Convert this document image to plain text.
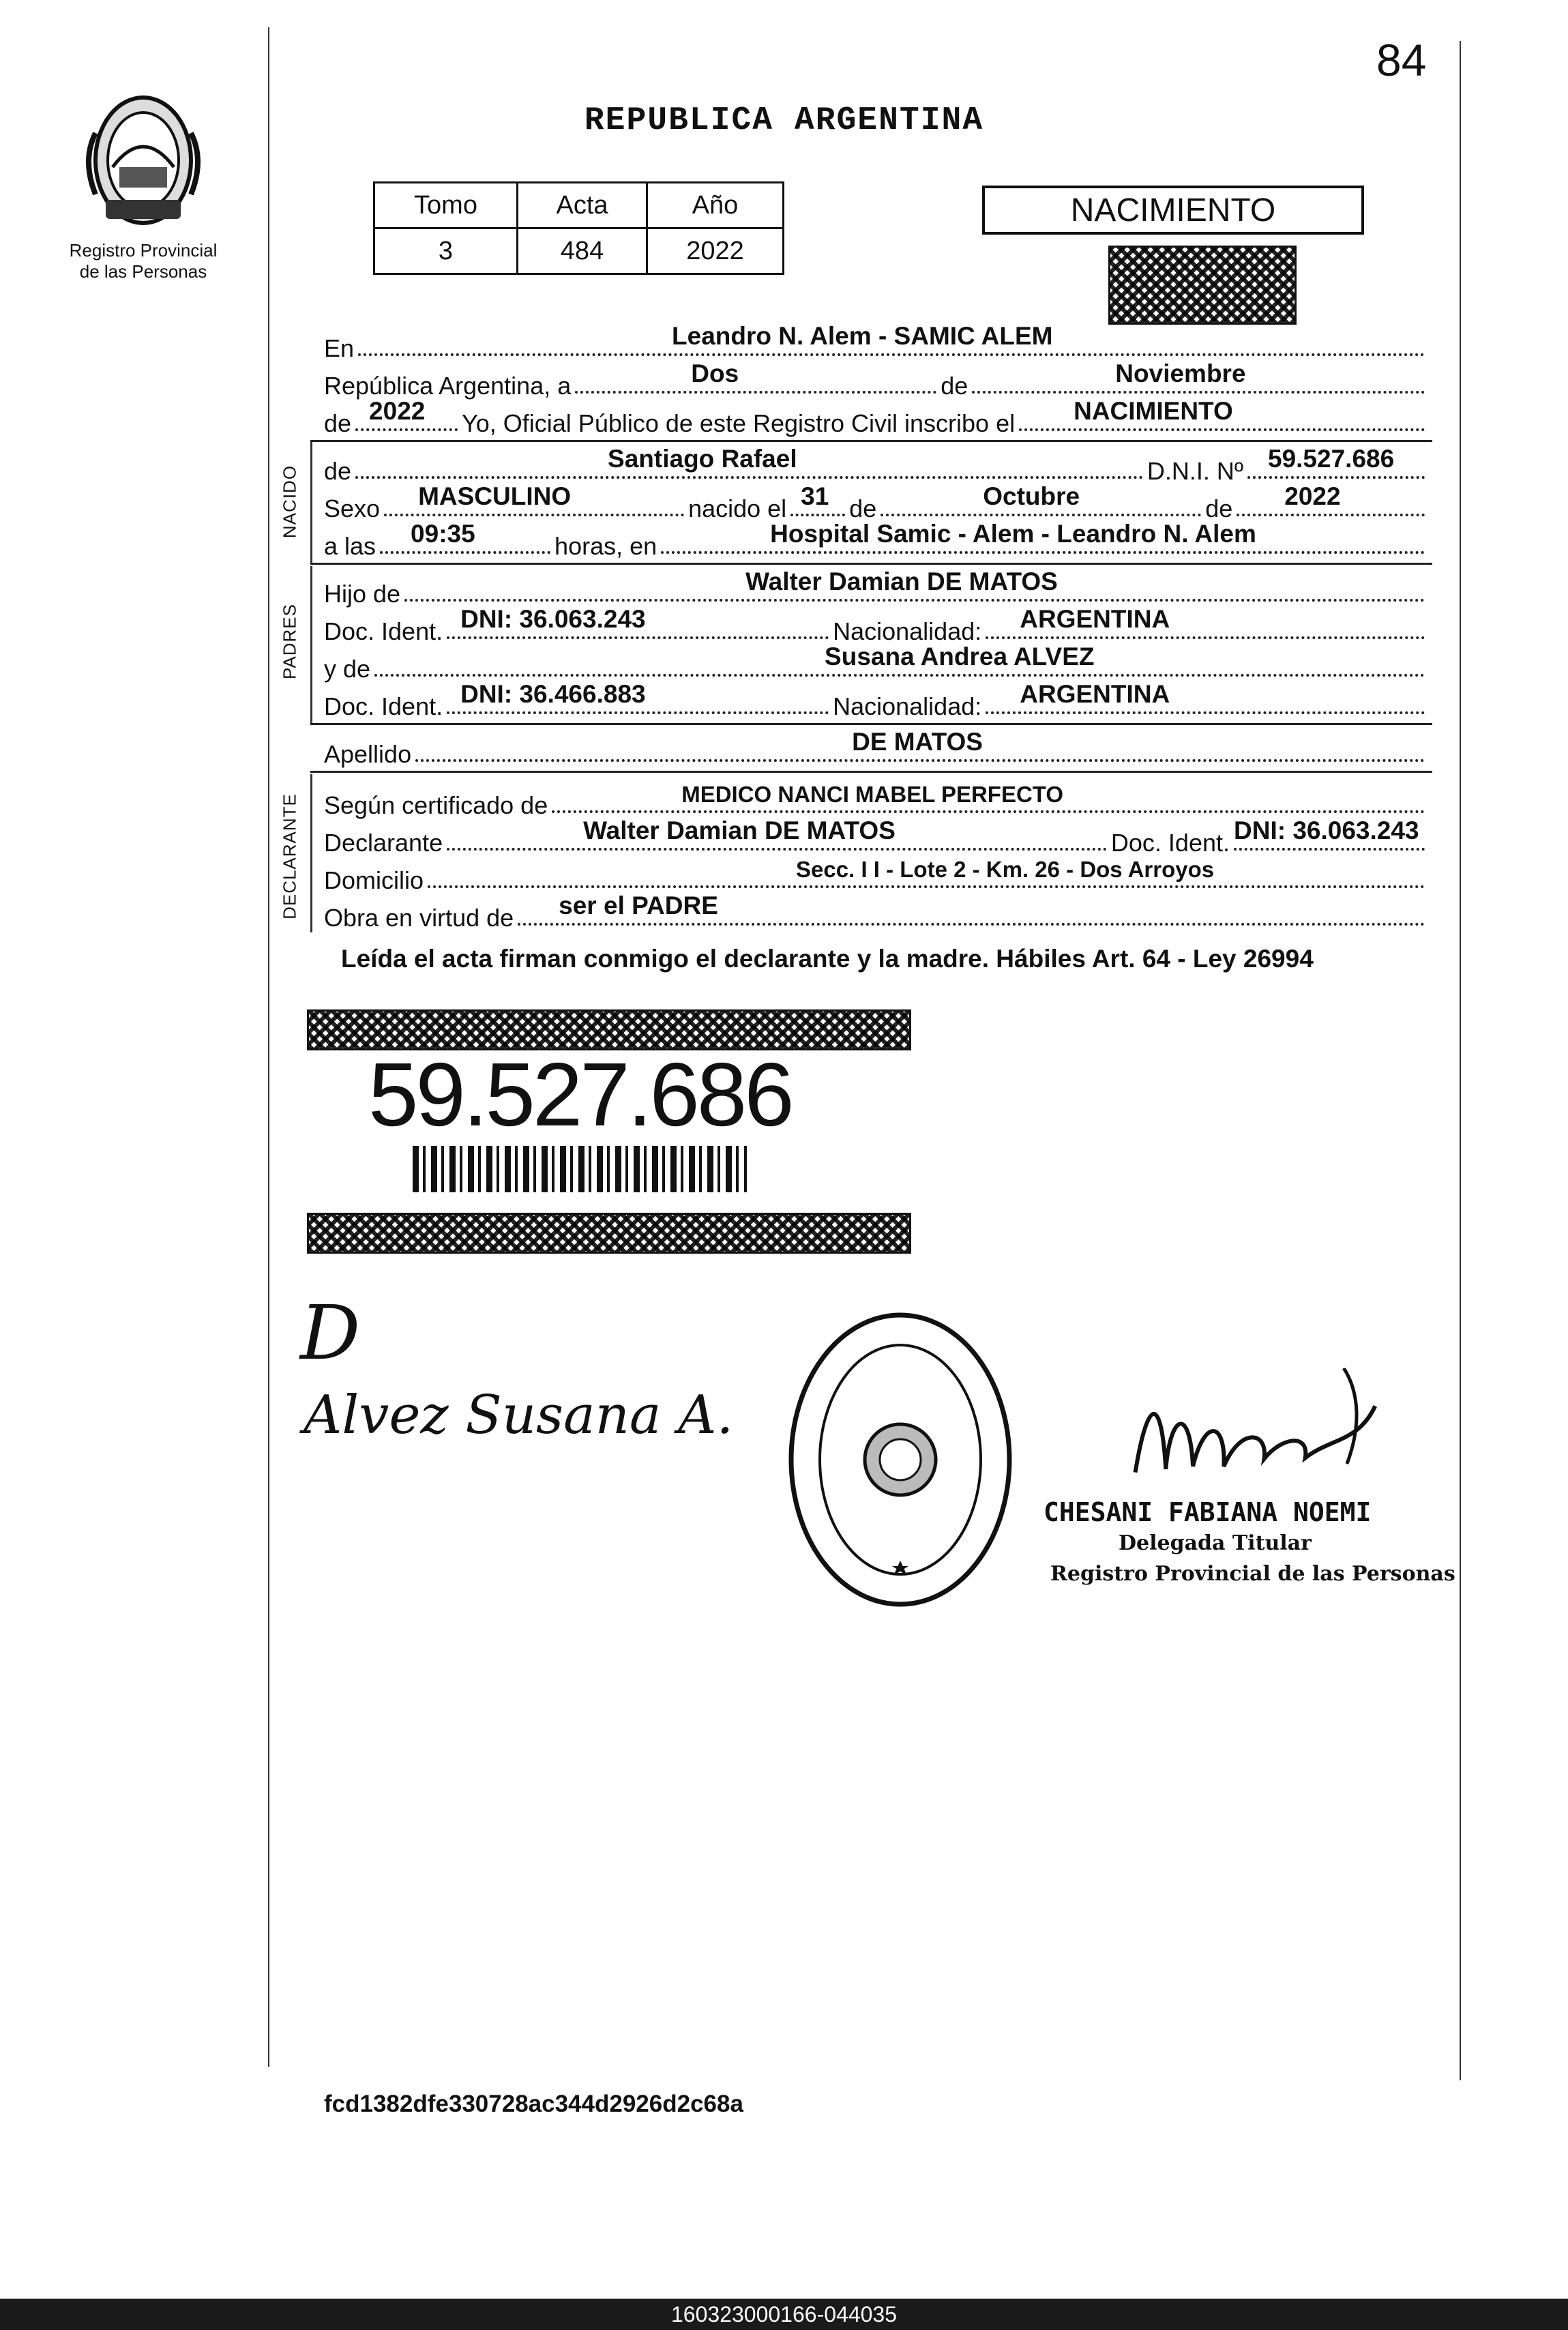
84
Registro Provincial
de las Personas
REPUBLICA ARGENTINA
Tomo	Acta	Año
3	484	2022
NACIMIENTO
En	Leandro N. Alem - SAMIC ALEM
República Argentina, a	Dos	de	Noviembre
de 2022 Yo, Oficial Público de este Registro Civil inscribo el NACIMIENTO
NACIDO de	Santiago Rafael	D.N.I. Nº 59.527.686
Sexo MASCULINO	nacido el 31 de	Octubre	de 2022
a las 09:35	horas, en	Hospital Samic - Alem - Leandro N. Alem
PADRES
Hijo de	Walter Damian DE MATOS
Doc. Ident. DNI: 36.063.243	Nacionalidad: ARGENTINA
y de	Susana Andrea ALVEZ
Doc. Ident. DNI: 36.466.883	Nacionalidad: ARGENTINA
Apellido	DE MATOS
DECLARANTE Según certificado de	MEDICO NANCI MABEL PERFECTO
Declarante	Walter Damian DE MATOS	Doc. Ident. DNI: 36.063.243
Domicilio	Secc. I I - Lote 2 - Km. 26 - Dos Arroyos
Obra en virtud de ser el PADRE
Leída el acta firman conmigo el declarante y la madre. Hábiles Art. 64 - Ley 26994
59.527.686
D
Alvez Susana A.
CHESANI FABIANA NOEMI
Delegada Titular
Registro Provincial de las Personas
fcd1382dfe330728ac344d2926d2c68a
160323000166-044035
